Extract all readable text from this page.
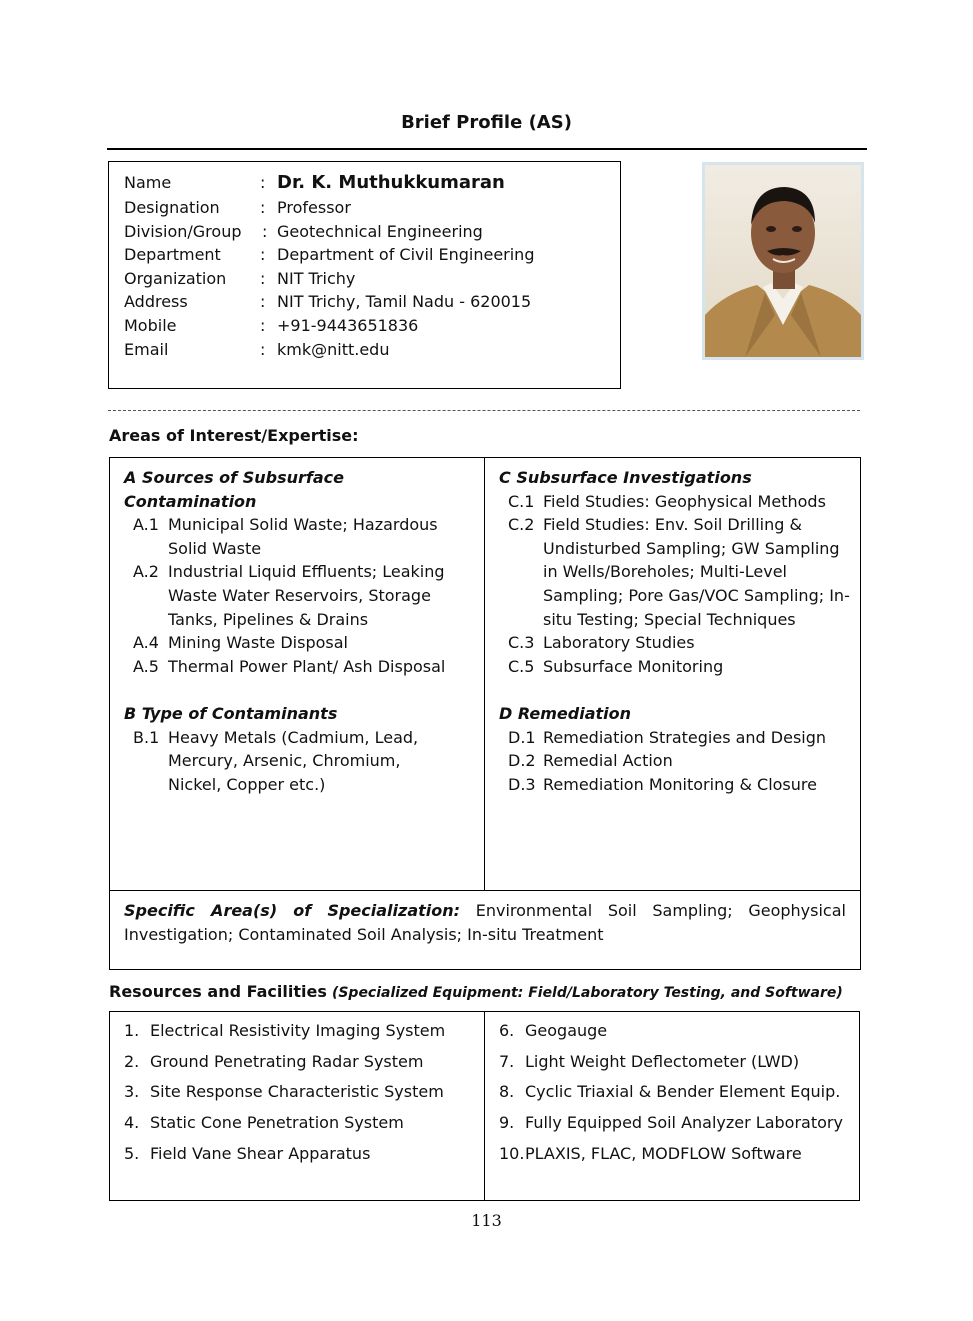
Brief Profile (AS)
Name	: Dr. K. Muthukkumaran
Designation	: Professor
Division/Group : Geotechnical Engineering
Department : Department of Civil Engineering
Organization : NIT Trichy
Address	: NIT Trichy, Tamil Nadu - 620015
Mobile	: +91-9443651836
Email	: kmk@nitt.edu
Areas of Interest/Expertise:
A Sources of Subsurface Contamination
A.1 Municipal Solid Waste; Hazardous Solid Waste
A.2 Industrial Liquid Effluents; Leaking Waste Water Reservoirs, Storage Tanks, Pipelines & Drains
A.4 Mining Waste Disposal
A.5 Thermal Power Plant/ Ash Disposal
B Type of Contaminants
B.1 Heavy Metals (Cadmium, Lead, Mercury, Arsenic, Chromium, Nickel, Copper etc.)
C Subsurface Investigations
C.1 Field Studies: Geophysical Methods
C.2 Field Studies: Env. Soil Drilling & Undisturbed Sampling; GW Sampling in Wells/Boreholes; Multi-Level Sampling; Pore Gas/VOC Sampling; In-situ Testing; Special Techniques
C.3 Laboratory Studies
C.5 Subsurface Monitoring
D Remediation
D.1 Remediation Strategies and Design
D.2 Remedial Action
D.3 Remediation Monitoring & Closure
Specific Area(s) of Specialization: Environmental Soil Sampling; Geophysical Investigation; Contaminated Soil Analysis; In-situ Treatment
Resources and Facilities (Specialized Equipment: Field/Laboratory Testing, and Software)
1. Electrical Resistivity Imaging System
2. Ground Penetrating Radar System
3. Site Response Characteristic System
4. Static Cone Penetration System
5. Field Vane Shear Apparatus
6. Geogauge
7. Light Weight Deflectometer (LWD)
8. Cyclic Triaxial & Bender Element Equip.
9. Fully Equipped Soil Analyzer Laboratory
10. PLAXIS, FLAC, MODFLOW Software
113
